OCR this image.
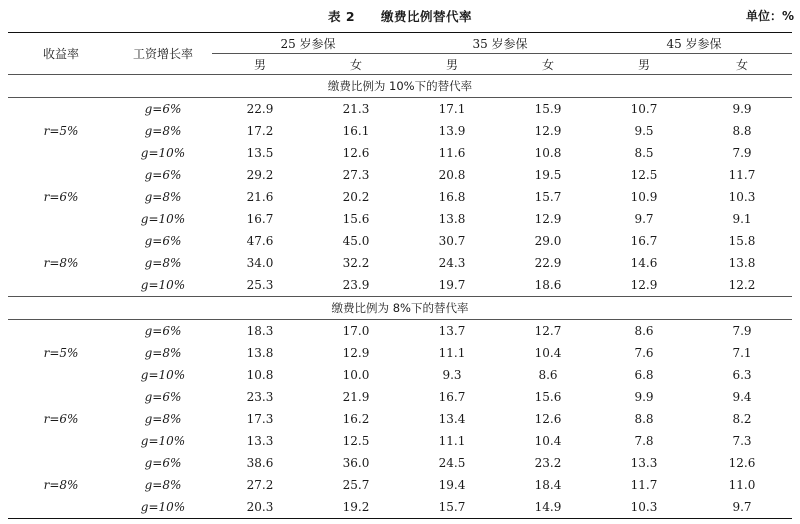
表 2　　缴费比例替代率	单位：%
收益率	工资增长率	25 岁参保		35 岁参保		45 岁参保	
		男	女	男	女	男	女
缴费比例为 10%下的替代率							
r=5%	g=6%	22.9	21.3	17.1	15.9	10.7	9.9
	g=8%	17.2	16.1	13.9	12.9	9.5	8.8
	g=10%	13.5	12.6	11.6	10.8	8.5	7.9
r=6%	g=6%	29.2	27.3	20.8	19.5	12.5	11.7
	g=8%	21.6	20.2	16.8	15.7	10.9	10.3
	g=10%	16.7	15.6	13.8	12.9	9.7	9.1
r=8%	g=6%	47.6	45.0	30.7	29.0	16.7	15.8
	g=8%	34.0	32.2	24.3	22.9	14.6	13.8
	g=10%	25.3	23.9	19.7	18.6	12.9	12.2
缴费比例为 8%下的替代率							
r=5%	g=6%	18.3	17.0	13.7	12.7	8.6	7.9
	g=8%	13.8	12.9	11.1	10.4	7.6	7.1
	g=10%	10.8	10.0	9.3	8.6	6.8	6.3
r=6%	g=6%	23.3	21.9	16.7	15.6	9.9	9.4
	g=8%	17.3	16.2	13.4	12.6	8.8	8.2
	g=10%	13.3	12.5	11.1	10.4	7.8	7.3
r=8%	g=6%	38.6	36.0	24.5	23.2	13.3	12.6
	g=8%	27.2	25.7	19.4	18.4	11.7	11.0
	g=10%	20.3	19.2	15.7	14.9	10.3	9.7
